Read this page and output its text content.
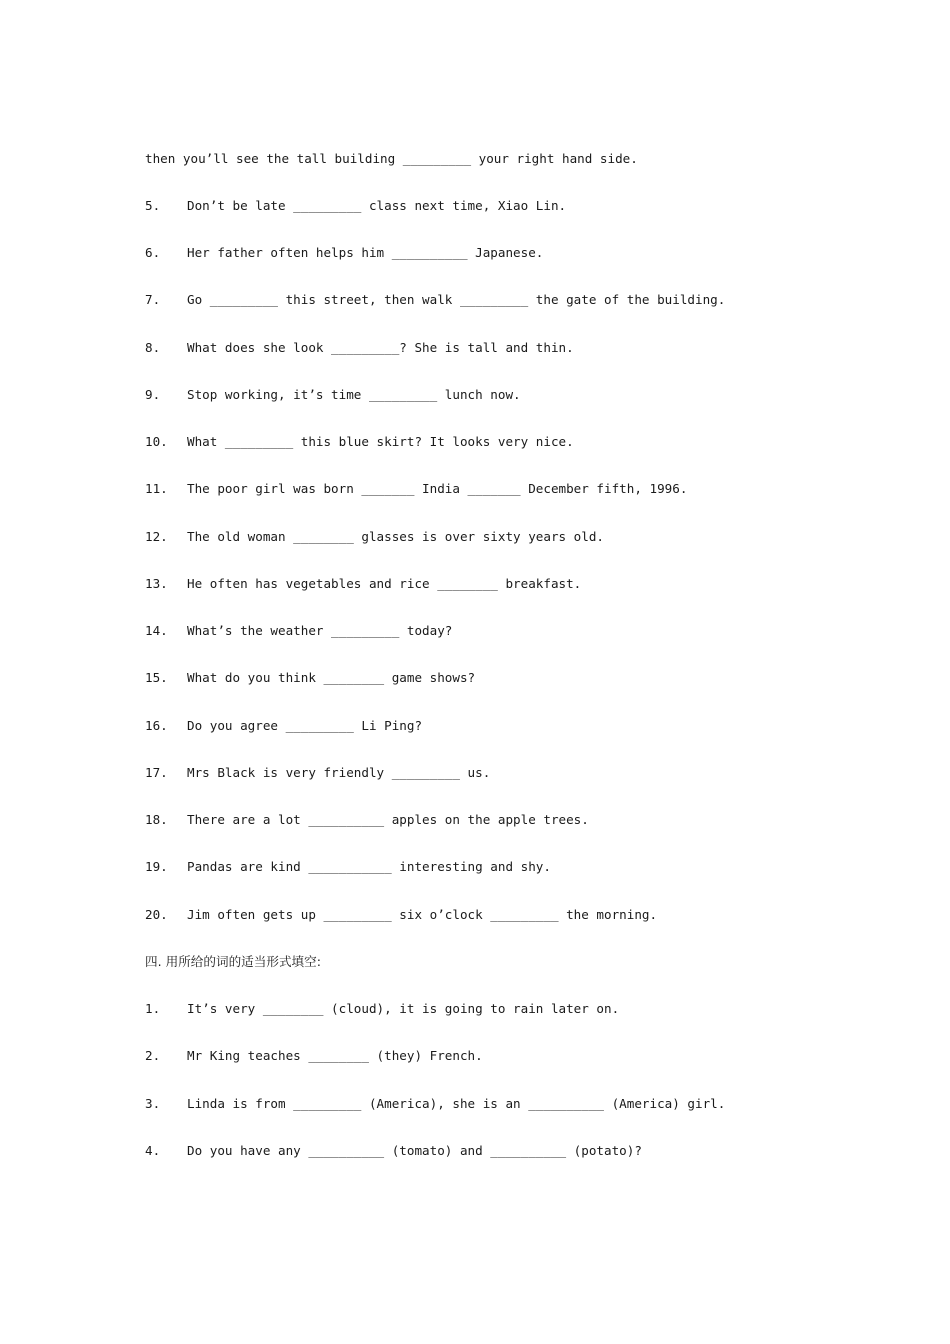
then you’ll see the tall building _________ your right hand side.
5. Don’t be late _________ class next time, Xiao Lin.
6. Her father often helps him __________ Japanese.
7. Go _________ this street, then walk _________ the gate of the building.
8. What does she look _________? She is tall and thin.
9. Stop working, it’s time _________ lunch now.
10. What _________ this blue skirt? It looks very nice.
11. The poor girl was born _______ India _______ December fifth, 1996.
12. The old woman ________ glasses is over sixty years old.
13. He often has vegetables and rice ________ breakfast.
14. What’s the weather _________ today?
15. What do you think ________ game shows?
16. Do you agree _________ Li Ping?
17. Mrs Black is very friendly _________ us.
18. There are a lot __________ apples on the apple trees.
19. Pandas are kind ___________ interesting and shy.
20. Jim often gets up _________ six o’clock _________ the morning.
四. 用所给的词的适当形式填空:
1. It’s very ________ (cloud), it is going to rain later on.
2. Mr King teaches ________ (they) French.
3. Linda is from _________ (America), she is an __________ (America) girl.
4. Do you have any __________ (tomato) and __________ (potato)?
